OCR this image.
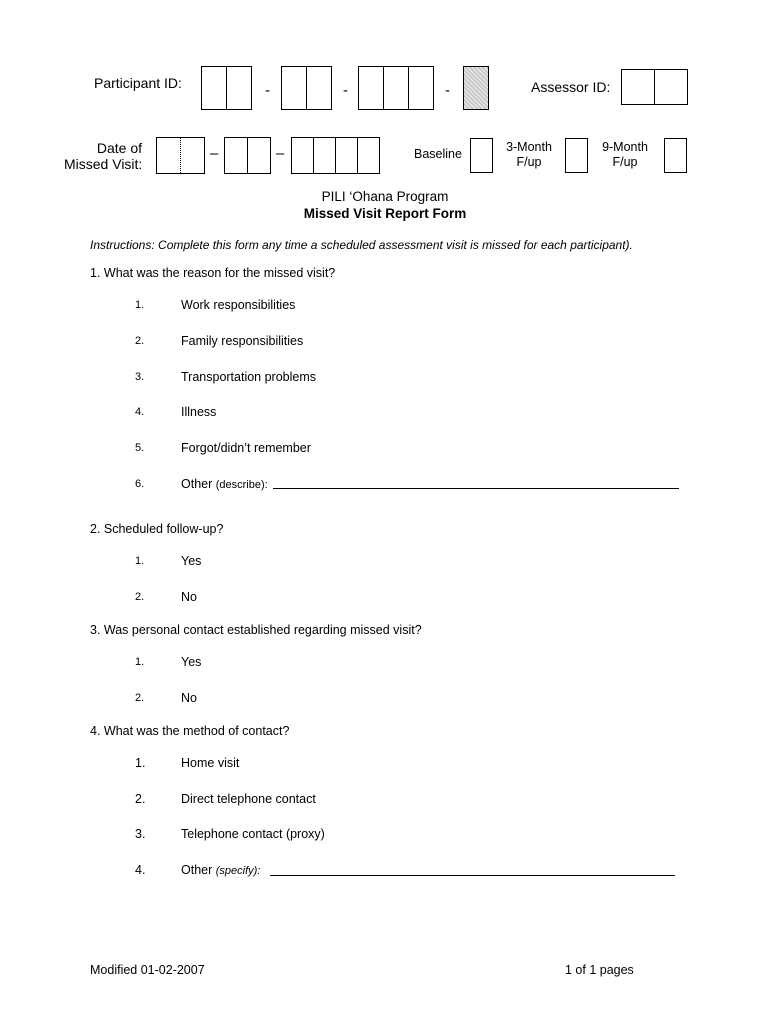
Participant ID:	-	-	-	Assessor ID:
Date of
Missed Visit:
–	–	Baseline	3-Month
F/up
9-Month
F/up
PILI ‘Ohana Program
Missed Visit Report Form
Instructions: Complete this form any time a scheduled assessment visit is missed for each participant).
1. What was the reason for the missed visit?
1.	Work responsibilities
2.	Family responsibilities
3.	Transportation problems
4.	Illness
5.	Forgot/didn’t remember
6.	Other (describe):
2. Scheduled follow-up?
1.	Yes
2.	No
3. Was personal contact established regarding missed visit?
1.	Yes
2.	No
4. What was the method of contact?
1.	Home visit
2.	Direct telephone contact
3.	Telephone contact (proxy)
4.	Other (specify):
Modified 01-02-2007	1 of 1 pages
